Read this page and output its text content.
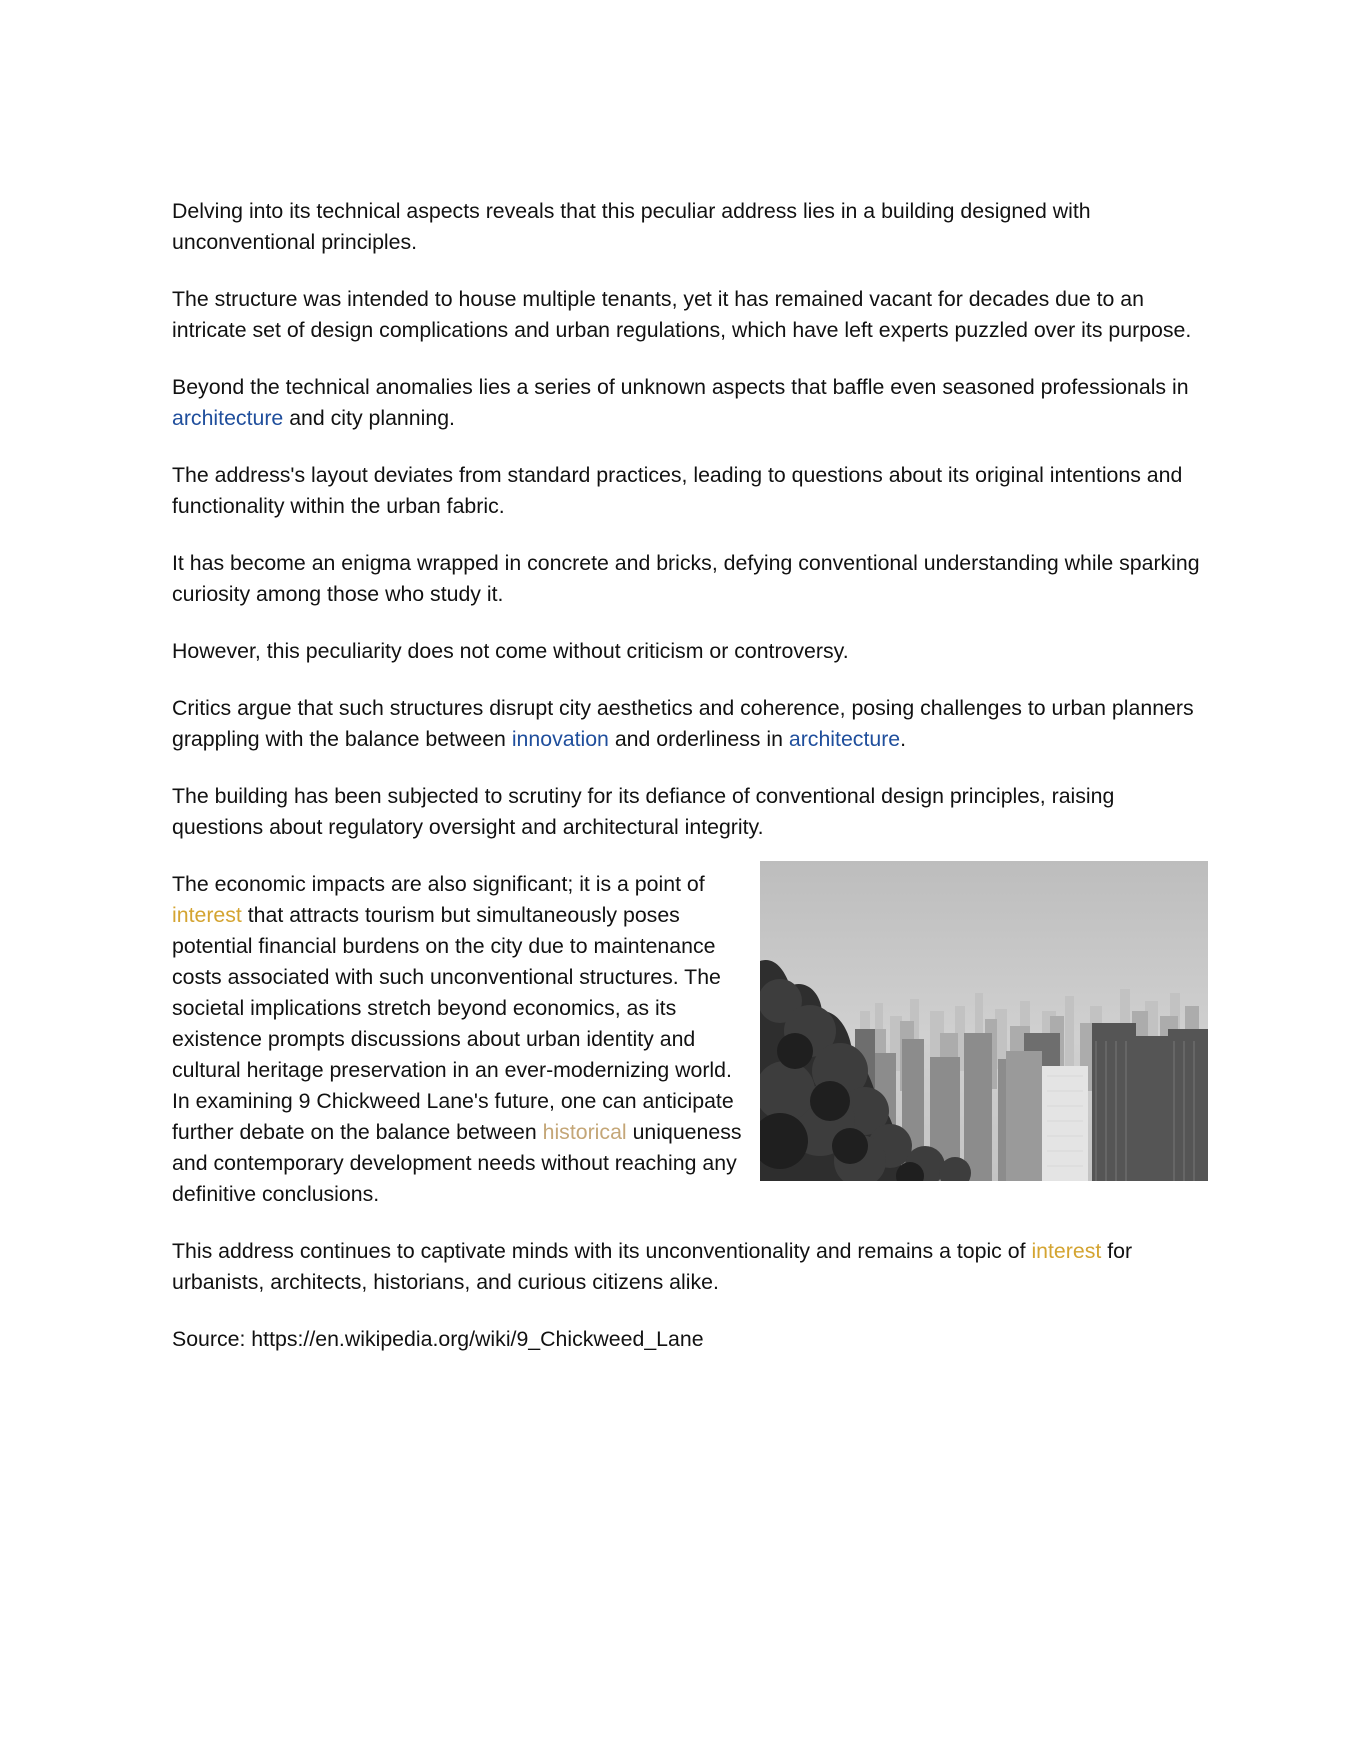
Delving into its technical aspects reveals that this peculiar address lies in a building designed with unconventional principles.

The structure was intended to house multiple tenants, yet it has remained vacant for decades due to an intricate set of design complications and urban regulations, which have left experts puzzled over its purpose.

Beyond the technical anomalies lies a series of unknown aspects that baffle even seasoned professionals in architecture and city planning.

The address's layout deviates from standard practices, leading to questions about its original intentions and functionality within the urban fabric.

It has become an enigma wrapped in concrete and bricks, defying conventional understanding while sparking curiosity among those who study it.

However, this peculiarity does not come without criticism or controversy.

Critics argue that such structures disrupt city aesthetics and coherence, posing challenges to urban planners grappling with the balance between innovation and orderliness in architecture.

The building has been subjected to scrutiny for its defiance of conventional design principles, raising questions about regulatory oversight and architectural integrity.

The economic impacts are also significant; it is a point of interest that attracts tourism but simultaneously poses potential financial burdens on the city due to maintenance costs associated with such unconventional structures. The societal implications stretch beyond economics, as its existence prompts discussions about urban identity and cultural heritage preservation in an ever-modernizing world. In examining 9 Chickweed Lane's future, one can anticipate further debate on the balance between historical uniqueness and contemporary development needs without reaching any definitive conclusions.

This address continues to captivate minds with its unconventionality and remains a topic of interest for urbanists, architects, historians, and curious citizens alike.

Source: https://en.wikipedia.org/wiki/9_Chickweed_Lane
